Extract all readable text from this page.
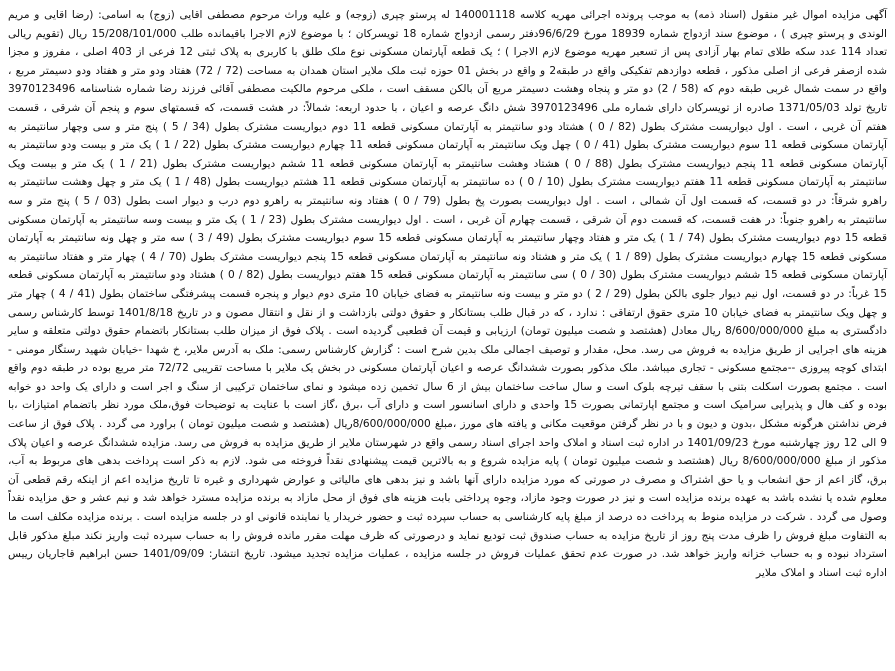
آگهی مزایده اموال غیر منقول (اسناد ذمه) به موجب پرونده اجرائی مهریه کلاسه 140001118 له پرستو چپری (زوجه) و علیه وراث مرحوم مصطفی اقایی (زوج) به اسامی: (رضا اقایی و مریم الوندی و پرستو چپری ) ، موضوع سند ازدواج شماره 18939 مورخ 96/6/29دفتر رسمی ازدواج شماره 18 تویسرکان ؛ با موضوع لازم الاجرا باقیمانده طلب 15/208/101/000 ریال (تقویم ریالی تعداد 114 عدد سکه طلای تمام بهار آزادی پس از تسعیر مهریه موضوع لازم الاجرا ) ؛ یک قطعه آپارتمان مسکونی نوع ملک طلق با کاربری به پلاک ثبتی 12 فرعی از 403 اصلی ، مفروز و مجزا شده ازصفر فرعی از اصلی مذکور ، قطعه دوازدهم تفکیکی واقع در طبقه2 و واقع در بخش 01 حوزه ثبت ملک ملایر استان همدان به مساحت (72 / 72) هفتاد ودو متر و هفتاد ودو دسیمتر مربع ، واقع در سمت شمال غربی طبقه دوم که (58 / 2) دو متر و پنجاه وهشت دسیمتر مربع آن بالکن مسقف است ، ملکی مرحوم مالکیت مصطفی آقائی فرزند رضا شماره شناسنامه 3970123496 تاریخ تولد 1371/05/03 صادره از تویسرکان دارای شماره ملی 3970123496 شش دانگ عرصه و اعیان ، با حدود اربعه: شمالاً: در هشت قسمت، که قسمتهای سوم و پنجم آن شرقی ، قسمت هفتم آن غربی ، است . اول دیواریست مشترک بطول (82 / 0 ) هشتاد ودو سانتیمتر به آپارتمان مسکونی قطعه 11 دوم دیواریست مشترک بطول (34 / 5 ) پنج متر و سی وچهار سانتیمتر به آپارتمان مسکونی قطعه 11 سوم دیواریست مشترک بطول (41 / 0 ) چهل ویک سانتیمتر به آپارتمان مسکونی قطعه 11 چهارم دیواریست مشترک بطول (22 / 1 ) یک متر و بیست ودو سانتیمتر به آپارتمان مسکونی قطعه 11 پنجم دیواریست مشترک بطول (88 / 0 ) هشتاد وهشت سانتیمتر به آپارتمان مسکونی قطعه 11 ششم دیواریست مشترک بطول (21 / 1 ) یک متر و بیست ویک سانتیمتر به آپارتمان مسکونی قطعه 11 هفتم دیواریست مشترک بطول (10 / 0 ) ده سانتیمتر به آپارتمان مسکونی قطعه 11 هشتم دیواریست بطول (48 / 1 ) یک متر و چهل وهشت سانتیمتر به راهرو شرقاً: در دو قسمت، که قسمت اول آن شمالی ، است . اول دیواریست بصورت پخ بطول (79 / 0 ) هفتاد ونه سانتیمتر به راهرو دوم درب و دیوار است بطول (03 / 5 ) پنج متر و سه سانتیمتر به راهرو جنوباً: در هفت قسمت، که قسمت دوم آن شرقی ، قسمت چهارم آن غربی ، است . اول دیواریست مشترک بطول (23 / 1 ) یک متر و بیست وسه سانتیمتر به آپارتمان مسکونی قطعه 15 دوم دیواریست مشترک بطول (74 / 1 ) یک متر و هفتاد وچهار سانتیمتر به آپارتمان مسکونی قطعه 15 سوم دیواریست مشترک بطول (49 / 3 ) سه متر و چهل ونه سانتیمتر به آپارتمان مسکونی قطعه 15 چهارم دیواریست مشترک بطول (89 / 1 ) یک متر و هشتاد ونه سانتیمتر به آپارتمان مسکونی قطعه 15 پنجم دیواریست مشترک بطول (70 / 4 ) چهار متر و هفتاد سانتیمتر به آپارتمان مسکونی قطعه 15 ششم دیواریست مشترک بطول (30 / 0 ) سی سانتیمتر به آپارتمان مسکونی قطعه 15 هفتم دیواریست بطول (82 / 0 ) هشتاد ودو سانتیمتر به آپارتمان مسکونی قطعه 15 غرباً: در دو قسمت، اول نیم دیوار جلوی بالکن بطول (29 / 2 ) دو متر و بیست ونه سانتیمتر به فضای خیابان 10 متری دوم دیوار و پنجره قسمت پیشرفتگی ساختمان بطول (41 / 4 ) چهار متر و چهل ویک سانتیمتر به فضای خیابان 10 متری حقوق ارتفاقی : ندارد ، که در قبال طلب بستانکار و حقوق دولتی بازداشت و از نقل و انتقال مصون و در تاریخ 1401/8/18 توسط کارشناس رسمی دادگستری به مبلغ 8/600/000/000 ریال معادل (هشتصد و شصت میلیون تومان) ارزیابی و قیمت آن قطعیی گردیده است . پلاک فوق از میزان طلب بستانکار باتضمام حقوق دولتی متعلقه و سایر هزینه های اجرایی از طریق مزایده به فروش می رسد. محل، مقدار و توصیف اجمالی ملک بدین شرح است : گزارش کارشناس رسمی: ملک به آدرس ملایر، خ شهدا -خیابان شهید رستگار مومنی - ابتدای کوچه پیروزی --مجتمع مسکونی - تجاری میباشد. ملک مذکور بصورت ششدانگ عرصه و اعیان آپارتمان مسکونی در بخش یک ملایر با مساحت تقریبی 72/72 متر مربع بوده در طبقه دوم واقع است . مجتمع بصورت اسکلت بتنی با سقف تیرچه بلوک است و سال ساخت ساختمان بیش از 6 سال تخمین زده میشود و نمای ساختمان ترکیبی از سنگ و اجر است و دارای یک واحد دو خوابه بوده و کف هال و پذیرایی سرامیک است و مجتمع اپارتمانی بصورت 15 واحدی و دارای اسانسور است و دارای آب ،برق ،گاز است با عنایت به توضیحات فوق،ملک مورد نظر باتضمام امتیازات ،با فرض نداشتن هرگونه مشکل ،بدون و دیون و با در نظر گرفتن موقعیت مکانی و یافته های مورز ،مبلغ 8/600/000/000ریال (هشتصد و شصت میلیون تومان ) براورد می گردد . پلاک فوق از ساعت 9 الی 12 روز چهارشنبه مورخ 1401/09/23 در اداره ثبت اسناد و املاک واحد اجرای اسناد رسمی واقع در شهرستان ملایر از طریق مزایده به فروش می رسد. مزایده ششدانگ عرصه و اعیان پلاک مذکور از مبلغ 8/600/000/000 ریال (هشتصد و شصت میلیون تومان ) پایه مزایده شروع و به بالاترین قیمت پیشنهادی نقداً فروخته می شود. لازم به ذکر است پرداخت بدهی های مربوط به آب، برق، گاز اعم از حق انشعاب و یا حق اشتراک و مصرف در صورتی که مورد مزایده دارای آنها باشد و نیز بدهی های مالیاتی و عوارض شهرداری و غیره تا تاریخ مزایده اعم از اینکه رقم قطعی آن معلوم شده یا نشده باشد به عهده برنده مزایده است و نیز در صورت وجود مازاد، وجوه پرداختی بابت هزینه های فوق از محل مازاد به برنده مزایده مسترد خواهد شد و نیم عشر و حق مزایده نقداً وصول می گردد . شرکت در مزایده منوط به پرداخت ده درصد از مبلغ پایه کارشناسی به حساب سپرده ثبت و حضور خریدار یا نماینده قانونی او در جلسه مزایده است . برنده مزایده مکلف است ما به التفاوت مبلغ فروش را ظرف مدت پنج روز از تاریخ مزایده به حساب صندوق ثبت تودیع نماید و درصورتی که ظرف مهلت مقرر مانده فروش را به حساب سپرده ثبت واریز نکند مبلغ مذکور قابل استرداد نبوده و به حساب خزانه واریز خواهد شد. در صورت عدم تحقق عملیات فروش در جلسه مزایده ، عملیات مزایده تجدید میشود. تاریخ انتشار: 1401/09/09 حسن ابراهیم قاجاریان رییس اداره ثبت اسناد و املاک ملایر
